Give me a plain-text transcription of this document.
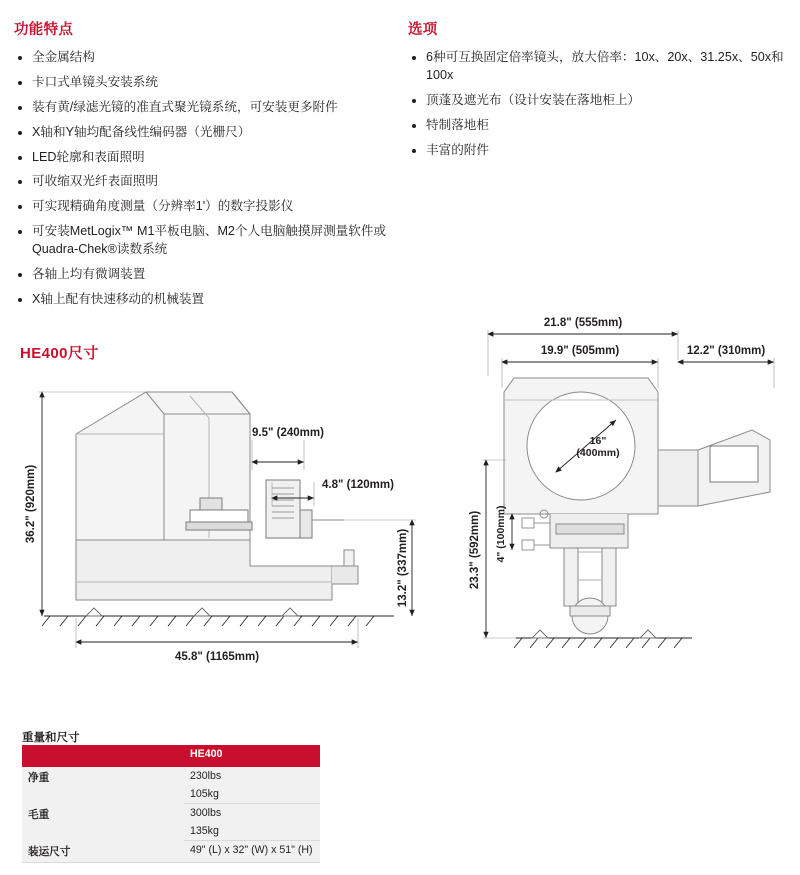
功能特点
全金属结构
卡口式单镜头安装系统
装有黄/绿滤光镜的准直式聚光镜系统，可安装更多附件
X轴和Y轴均配备线性编码器（光栅尺）
LED轮廓和表面照明
可收缩双光纤表面照明
可实现精确角度测量（分辨率1'）的数字投影仪
可安装MetLogix™ M1平板电脑、M2个人电脑触摸屏测量软件或Quadra-Chek®读数系统
各轴上均有微调装置
X轴上配有快速移动的机械装置
选项
6种可互换固定倍率镜头，放大倍率：10x、20x、31.25x、50x和100x
顶蓬及遮光布（设计安装在落地柜上）
特制落地柜
丰富的附件
HE400尺寸
36.2" (920mm)
9.5" (240mm)
4.8" (120mm)
13.2" (337mm)
45.8" (1165mm)
21.8" (555mm)
19.9" (505mm)	12.2" (310mm)
16"
(400mm)
23.3" (592mm) 4" (100mm)
重量和尺寸
	HE400
净重	230lbs
	105kg
毛重	300lbs
	135kg
装运尺寸	49" (L) x 32" (W) x 51" (H)
